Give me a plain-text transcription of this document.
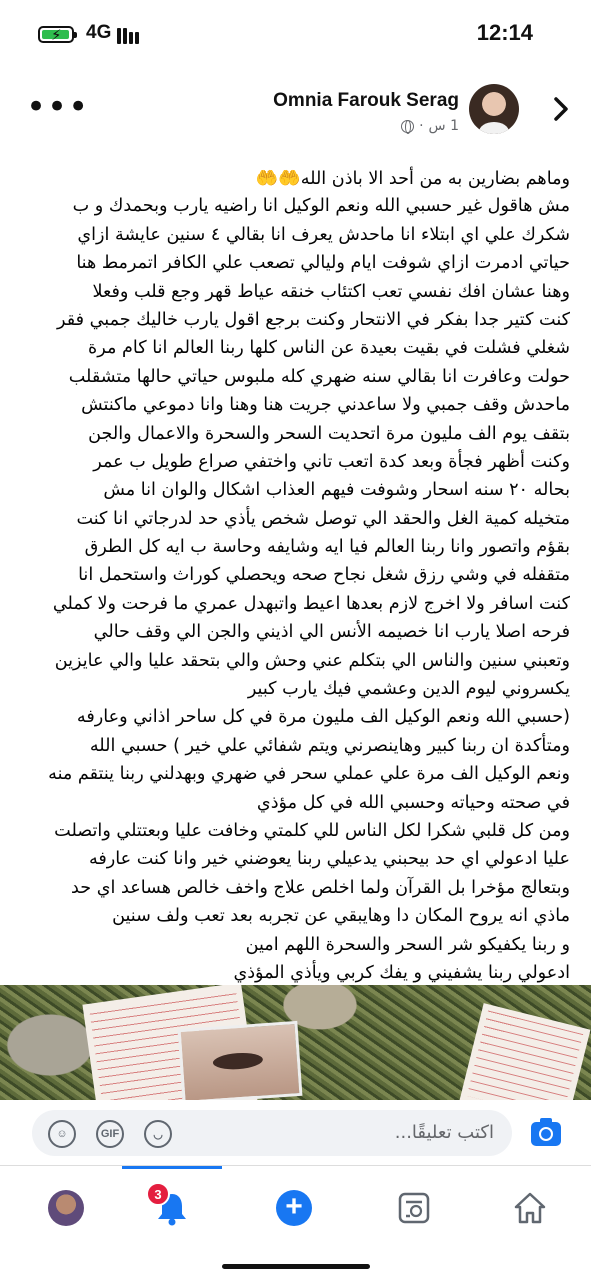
⚡ 4G	12:14
•••	Omnia Farouk Serag
1 س
·
وماهم بضارين به من أحد الا باذن الله🤲🤲
مش هاقول غير حسبي الله ونعم الوكيل انا راضيه يارب وبحمدك و ب
شكرك علي اي ابتلاء انا ماحدش يعرف انا بقالي ٤ سنين عايشة ازاي
حياتي ادمرت ازاي شوفت ايام وليالي تصعب علي الكافر اتمرمط هنا
وهنا عشان افك نفسي تعب اكتئاب خنقه عياط قهر وجع قلب وفعلا
كنت كتير جدا بفكر في الانتحار وكنت برجع اقول يارب خاليك جمبي فقر
شغلي فشلت في بقيت بعيدة عن الناس كلها ربنا العالم انا كام مرة
حولت وعافرت انا بقالي سنه ضهري كله ملبوس حياتي حالها متشقلب
ماحدش وقف جمبي ولا ساعدني جريت هنا وهنا وانا دموعي ماكنتش
بتقف يوم الف مليون مرة اتحديت السحر والسحرة والاعمال والجن
وكنت أظهر فجأة وبعد كدة اتعب تاني واختفي صراع طويل ب عمر
بحاله ٢٠ سنه اسحار وشوفت فيهم العذاب اشكال والوان انا مش
متخيله كمية الغل والحقد الي توصل شخص يأذي حد لدرجاتي انا كنت
بقؤم واتصور وانا ربنا العالم فيا ايه وشايفه وحاسة ب ايه كل الطرق
متقفله في وشي رزق شغل نجاح صحه ويحصلي كوراث واستحمل انا
كنت اسافر ولا اخرج لازم بعدها اعيط واتبهدل عمري ما فرحت ولا كملي
فرحه اصلا يارب انا خصيمه الأنس الي اذيني والجن الي وقف حالي
وتعبني سنين والناس الي بتكلم عني وحش والي بتحقد عليا والي عايزين
يكسروني ليوم الدين وعشمي فيك يارب كبير
(حسبي الله ونعم الوكيل الف مليون مرة في كل ساحر اذاني وعارفه
ومتأكدة ان ربنا كبير وهاينصرني ويتم شفائي علي خير ) حسبي الله
ونعم الوكيل الف مرة علي عملي سحر في ضهري وبهدلني ربنا ينتقم منه
في صحته وحياته وحسبي الله في كل مؤذي
ومن كل قلبي شكرا لكل الناس للي كلمتي وخافت عليا وبعتتلي واتصلت
عليا ادعولي اي حد بيحبني يدعيلي ربنا يعوضني خير وانا كنت عارفه
وبتعالج مؤخرا بل القرآن ولما اخلص علاج واخف خالص هساعد اي حد
ماذي انه يروح المكان دا وهايبقي عن تجربه بعد تعب ولف سنين
و ربنا يكفيكو شر السحر والسحرة اللهم امين
ادعولي ربنا يشفيني و يفك كربي ويأذي المؤذي
☺	GIF	◡	اكتب تعليقًا...
3	+
